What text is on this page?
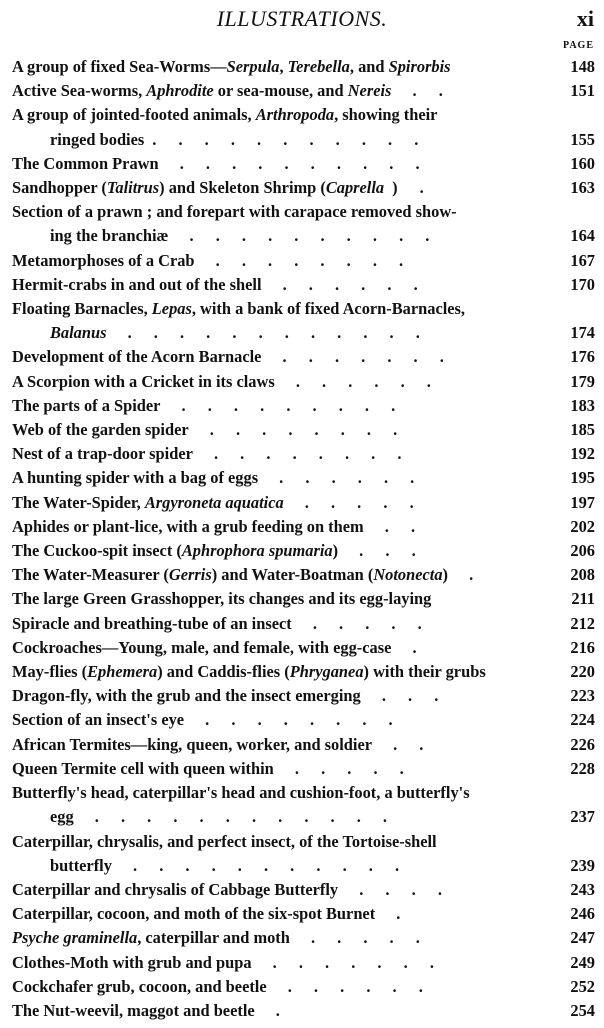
ILLUSTRATIONS.	xi
PAGE
A group of fixed Sea-Worms—Serpula, Terebella, and Spirorbis	148
Active Sea-worms, Aphrodite or sea-mouse, and Nereis . .	151
A group of jointed-footed animals, Arthropoda, showing their
ringed bodies . . . . . . . . . . .	155
The Common Prawn . . . . . . . . . .	160
Sandhopper (Talitrus) and Skeleton Shrimp (Caprella ) .	163
Section of a prawn ; and forepart with carapace removed show-
ing the branchiæ . . . . . . . . . .	164
Metamorphoses of a Crab . . . . . . . .	167
Hermit-crabs in and out of the shell . . . . . .	170
Floating Barnacles, Lepas, with a bank of fixed Acorn-Barnacles,
Balanus . . . . . . . . . . . .	174
Development of the Acorn Barnacle . . . . . . .	176
A Scorpion with a Cricket in its claws . . . . . .	179
The parts of a Spider . . . . . . . . .	183
Web of the garden spider . . . . . . . .	185
Nest of a trap-door spider . . . . . . . .	192
A hunting spider with a bag of eggs . . . . . .	195
The Water-Spider, Argyroneta aquatica . . . . .	197
Aphides or plant-lice, with a grub feeding on them . .	202
The Cuckoo-spit insect (Aphrophora spumaria) . . .	206
The Water-Measurer (Gerris) and Water-Boatman (Notonecta) .	208
The large Green Grasshopper, its changes and its egg-laying	211
Spiracle and breathing-tube of an insect . . . . .	212
Cockroaches—Young, male, and female, with egg-case .	216
May-flies (Ephemera) and Caddis-flies (Phryganea) with their grubs	220
Dragon-fly, with the grub and the insect emerging . . .	223
Section of an insect's eye . . . . . . . .	224
African Termites—king, queen, worker, and soldier . .	226
Queen Termite cell with queen within . . . . .	228
Butterfly's head, caterpillar's head and cushion-foot, a butterfly's
egg . . . . . . . . . . . .	237
Caterpillar, chrysalis, and perfect insect, of the Tortoise-shell
butterfly . . . . . . . . . . .	239
Caterpillar and chrysalis of Cabbage Butterfly . . . .	243
Caterpillar, cocoon, and moth of the six-spot Burnet .	246
Psyche graminella, caterpillar and moth . . . . .	247
Clothes-Moth with grub and pupa . . . . . . .	249
Cockchafer grub, cocoon, and beetle . . . . . .	252
The Nut-weevil, maggot and beetle .	254
